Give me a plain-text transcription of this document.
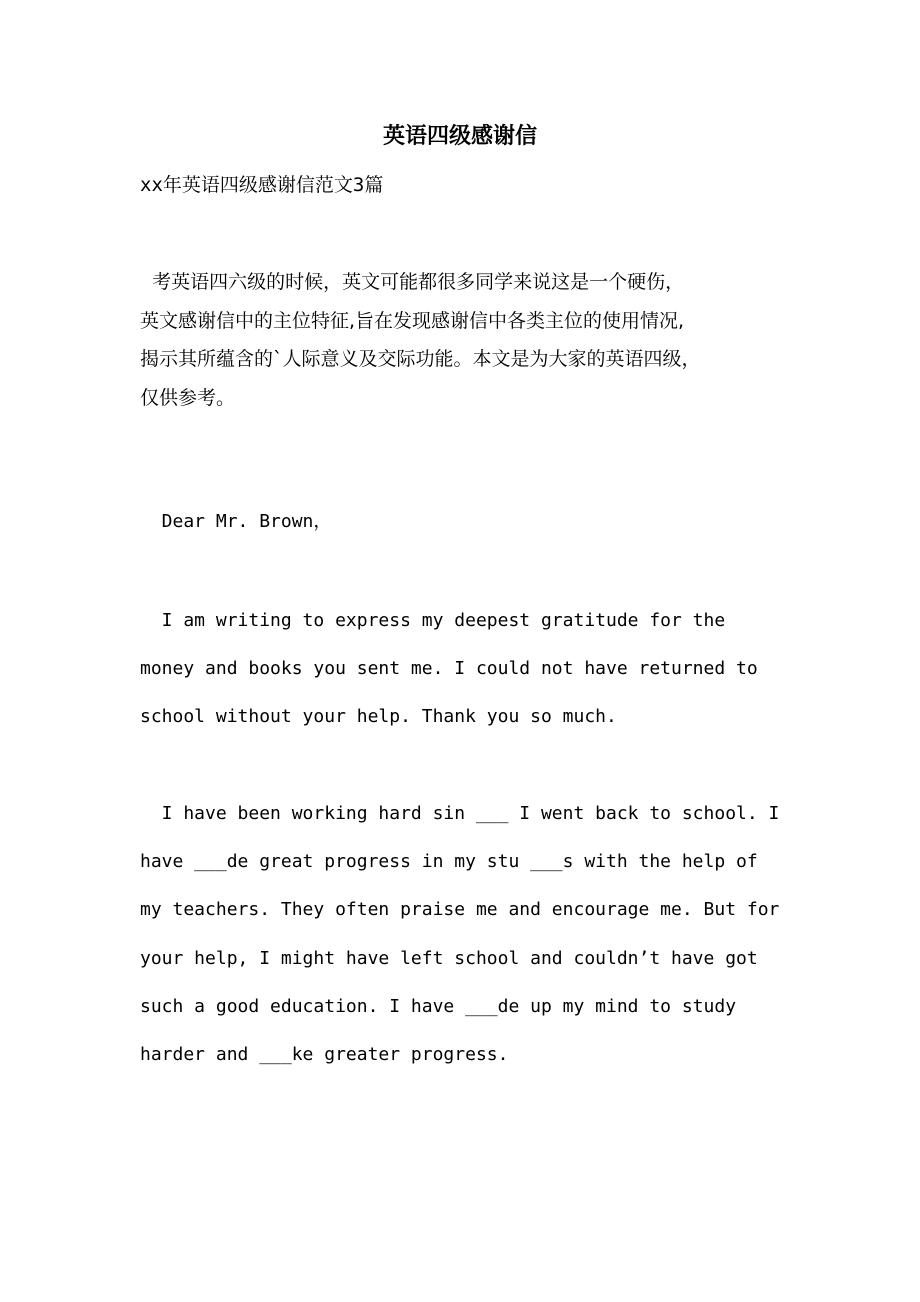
英语四级感谢信
xx年英语四级感谢信范文3篇
考英语四六级的时候，英文可能都很多同学来说这是一个硬伤，
英文感谢信中的主位特征,旨在发现感谢信中各类主位的使用情况,
揭示其所蕴含的`人际意义及交际功能。本文是为大家的英语四级，
仅供参考。
Dear Mr. Brown，
I am writing to express my deepest gratitude for the
money and books you sent me. I could not have returned to
school without your help. Thank you so much.
I have been working hard sin ___ I went back to school. I
have ___de great progress in my stu ___s with the help of
my teachers. They often praise me and encourage me. But for
your help, I might have left school and couldn’t have got
such a good education. I have ___de up my mind to study
harder and ___ke greater progress.
